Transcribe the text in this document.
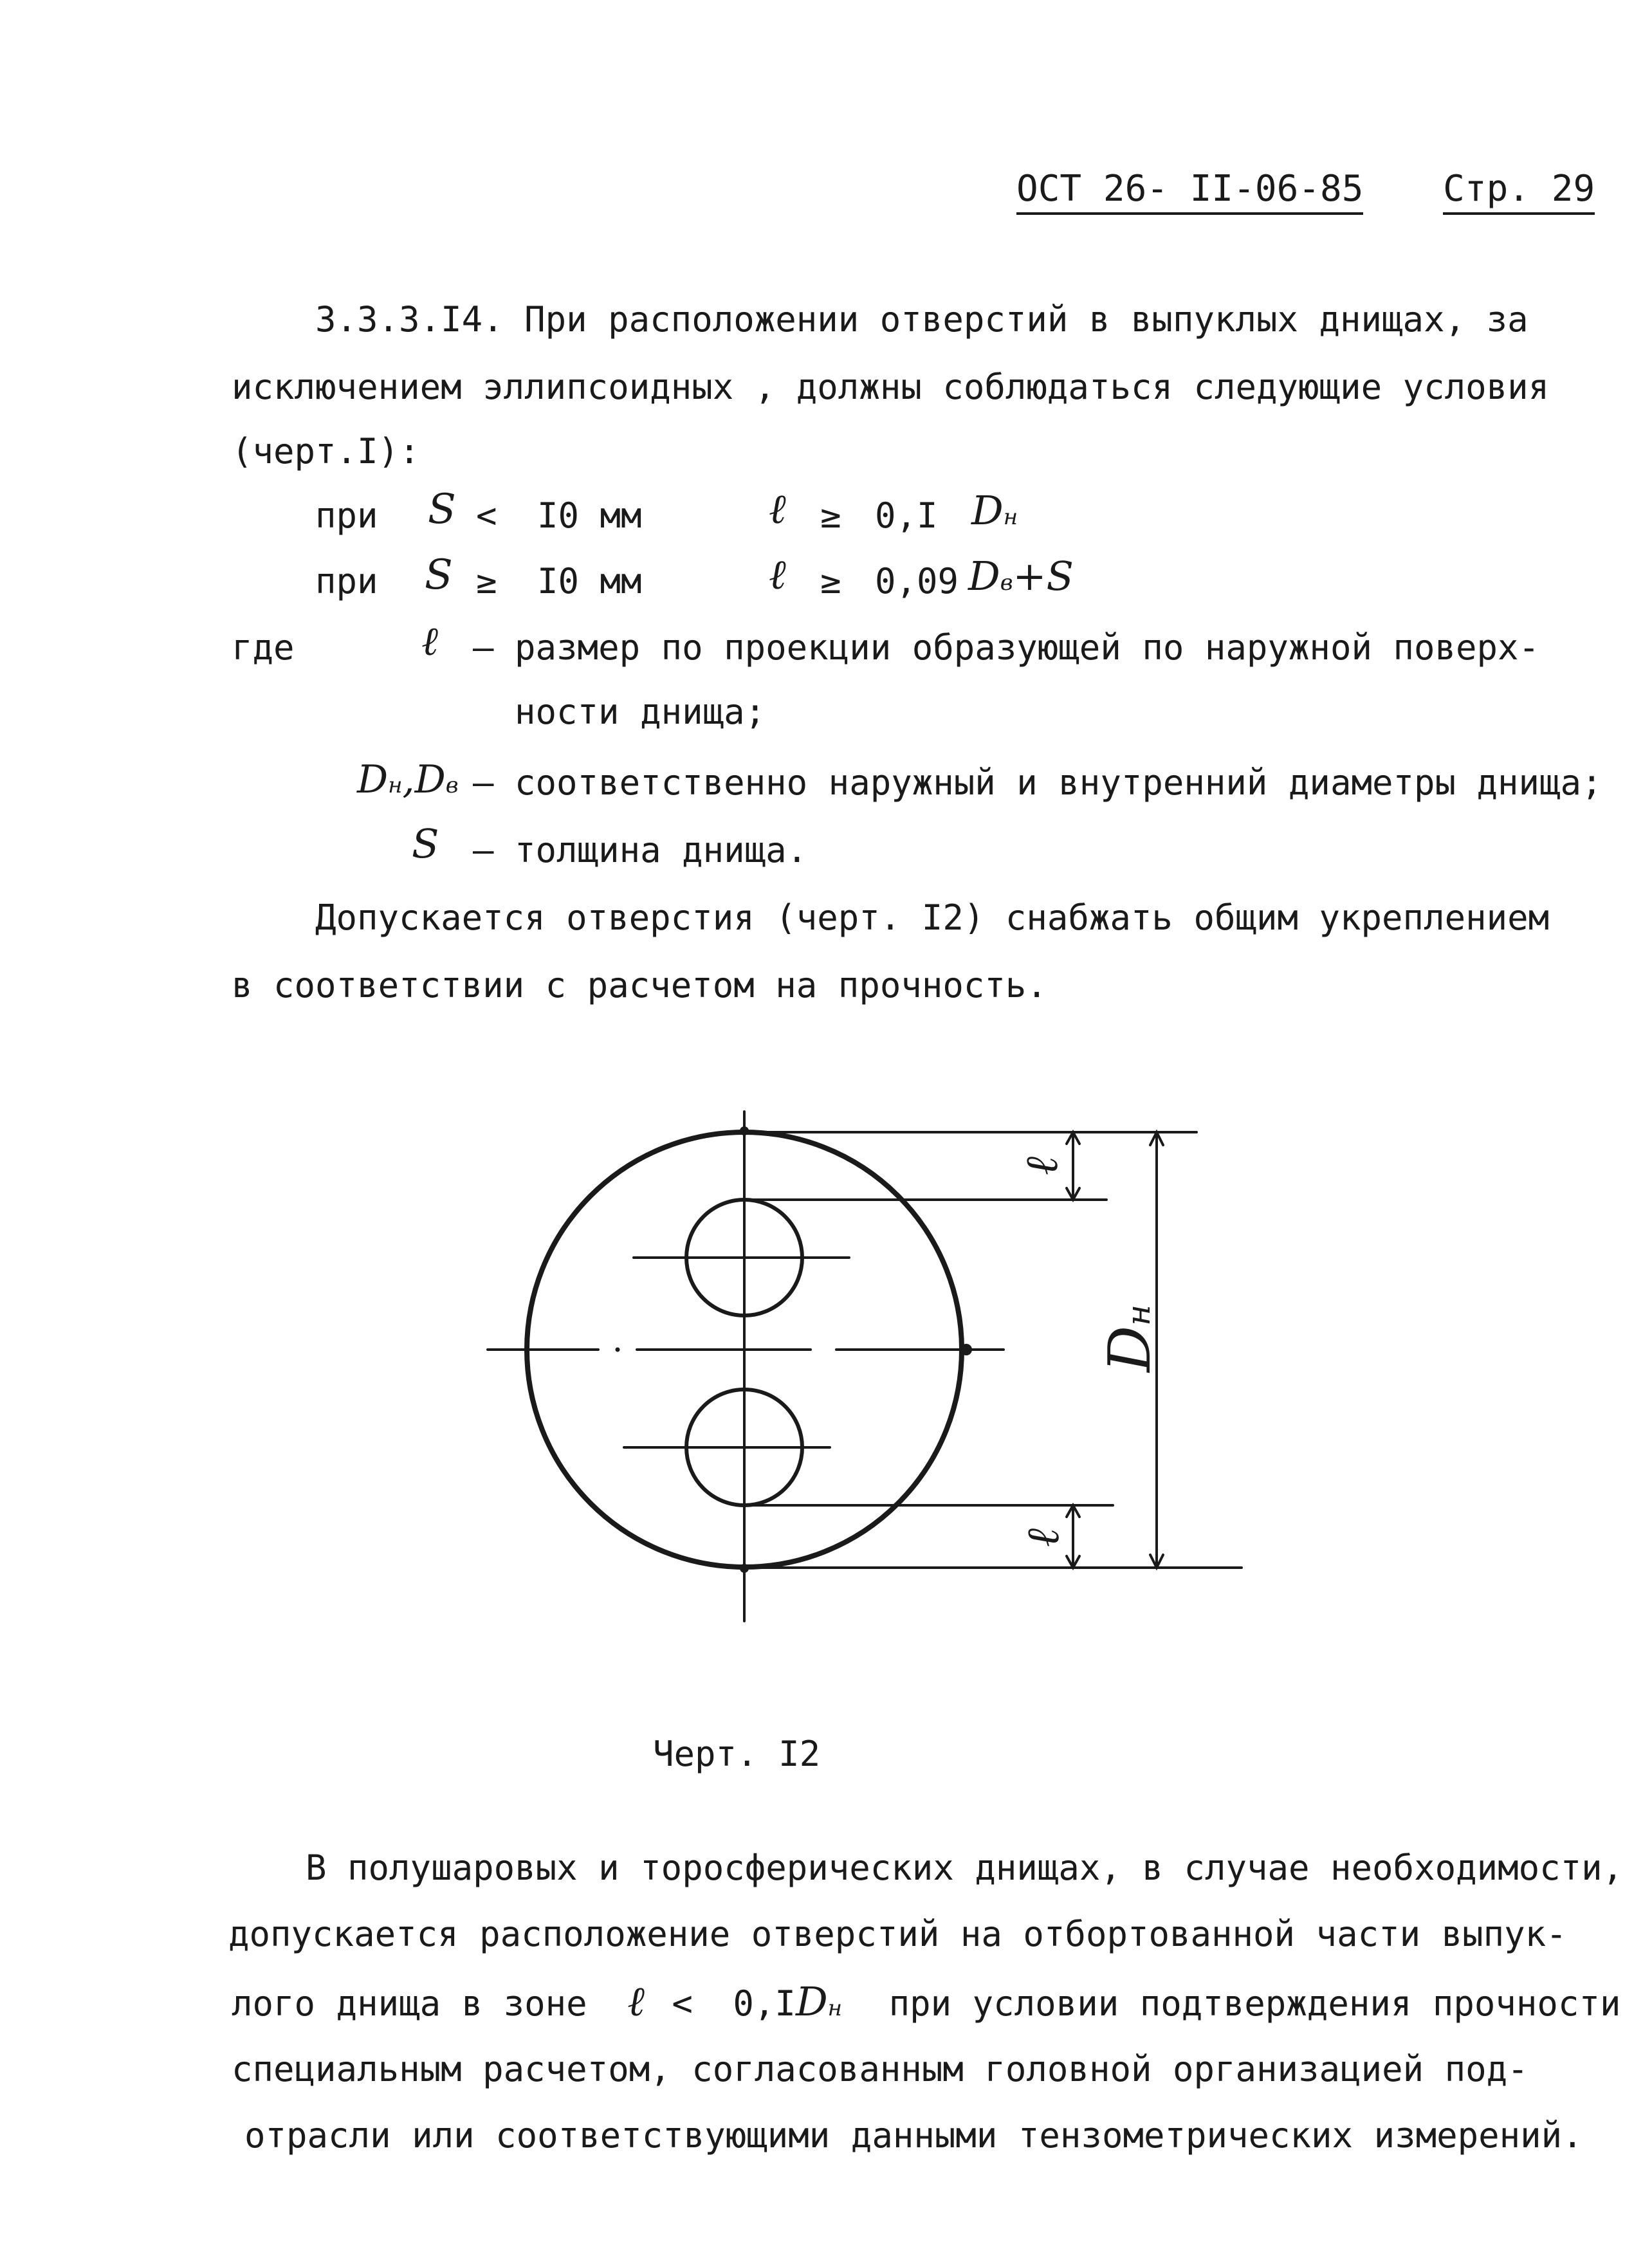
ОСТ 26- II-06-85 Стр. 29
3.3.3.I4. При расположении отверстий в выпуклых днищах, за
исключением эллипсоидных , должны соблюдаться следующие условия
(черт.I):
при S < I0 мм	ℓ ≥ 0,I Dн
при S ≥ I0 мм	ℓ ≥ 0,09 Dв+S
где	ℓ – размер по проекции образующей по наружной поверх-
ности днища;
Dн,Dв – соответственно наружный и внутренний диаметры днища;
S – толщина днища.
Допускается отверстия (черт. I2) снабжать общим укреплением
в соответствии с расчетом на прочность.
ℓ
ℓ
Dн
Черт. I2
В полушаровых и торосферических днищах, в случае необходимости,
допускается расположение отверстий на отбортованной части выпук-
лого днища в зоне ℓ < 0,IDн при условии подтверждения прочности
специальным расчетом, согласованным головной организацией под-
отрасли или соответствующими данными тензометрических измерений.
